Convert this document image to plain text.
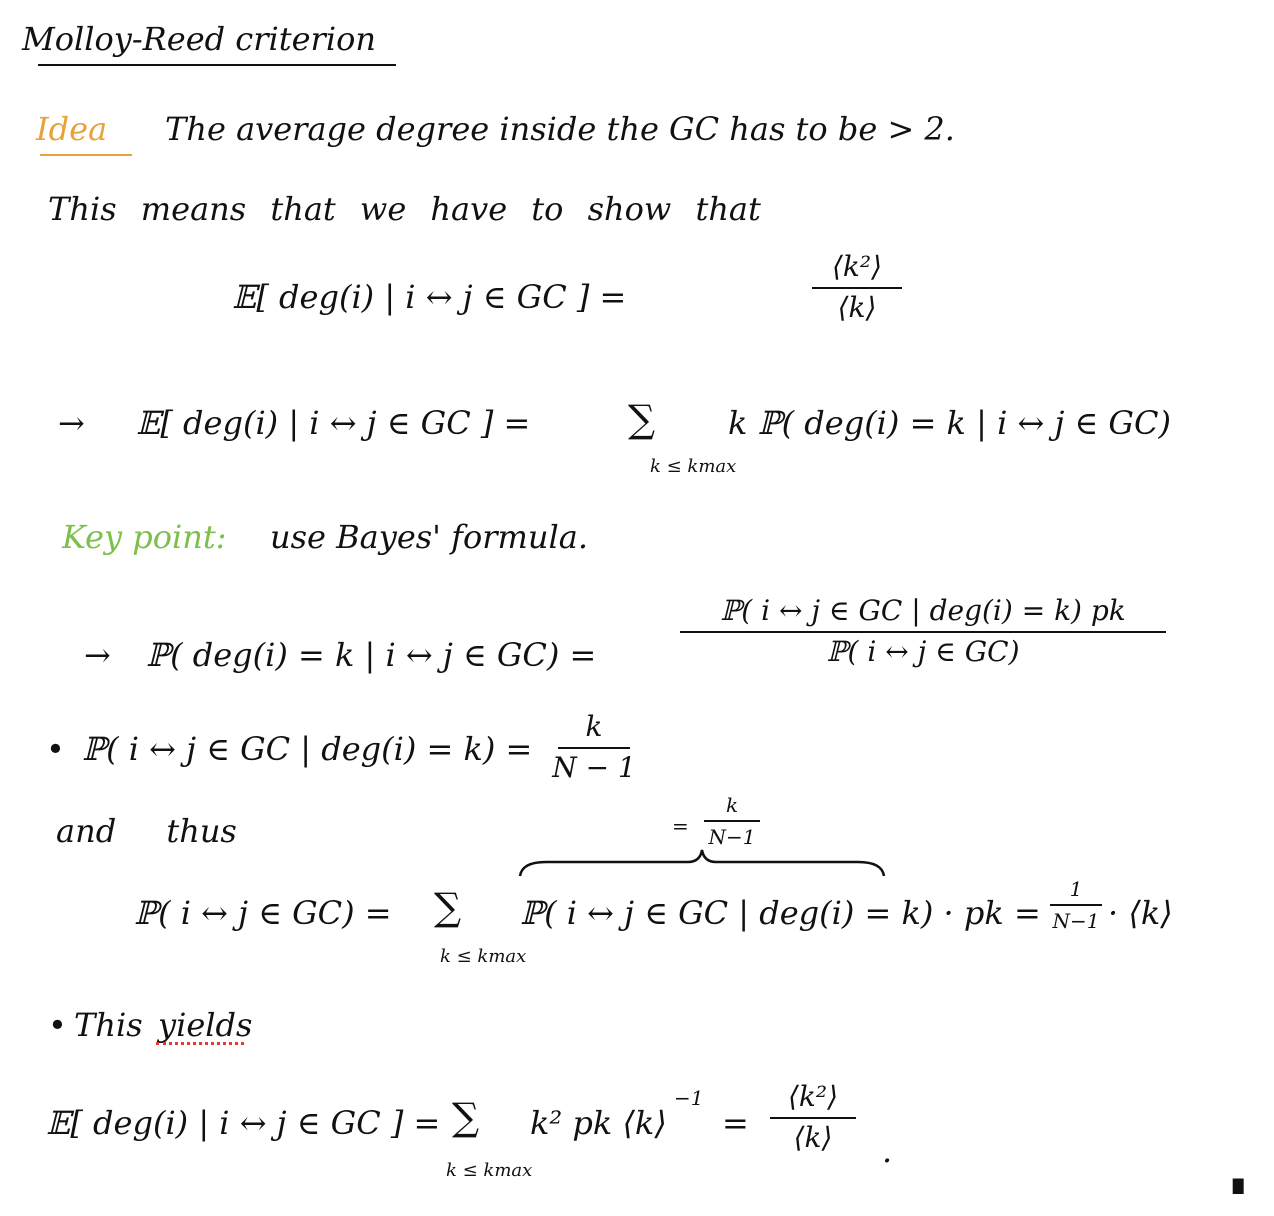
Molloy-Reed criterion
Idea The average degree inside the GC has to be > 2.
This means that we have to show that
𝔼[ deg(i) | i ↔ j ∈ GC ] =
⟨k²⟩
⟨k⟩
→ 𝔼[ deg(i) | i ↔ j ∈ GC ] =	∑
k ≤ kmax
k ℙ( deg(i) = k | i ↔ j ∈ GC)
Key point: use Bayes' formula.
→ ℙ( deg(i) = k | i ↔ j ∈ GC) =
ℙ( i ↔ j ∈ GC | deg(i) = k) pk
ℙ( i ↔ j ∈ GC)
• ℙ( i ↔ j ∈ GC | deg(i) = k) =
k
N − 1
and thus	=
k
N−1
ℙ( i ↔ j ∈ GC) = ∑
k ≤ kmax
ℙ( i ↔ j ∈ GC | deg(i) = k) · pk =
1
N−1 · ⟨k⟩
• This yields
𝔼[ deg(i) | i ↔ j ∈ GC ] = ∑
k ≤ kmax
k² pk ⟨k⟩
−1
=
⟨k²⟩
⟨k⟩ .
∎
